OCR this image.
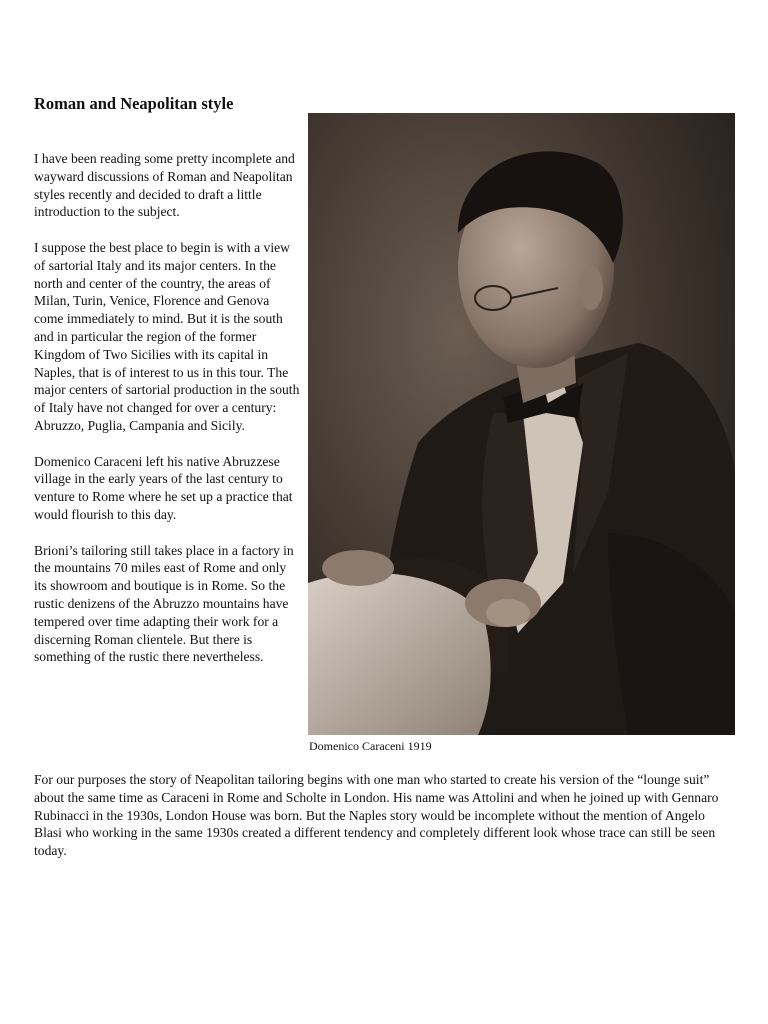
Roman and Neapolitan style

I have been reading some pretty incomplete and wayward discussions of Roman and Neapolitan styles recently and decided to draft a little introduction to the subject.

I suppose the best place to begin is with a view of sartorial Italy and its major centers. In the north and center of the country, the areas of Milan, Turin, Venice, Florence and Genova come immediately to mind. But it is the south and in particular the region of the former Kingdom of Two Sicilies with its capital in Naples, that is of interest to us in this tour. The major centers of sartorial production in the south of Italy have not changed for over a century: Abruzzo, Puglia, Campania and Sicily.

Domenico Caraceni left his native Abruzzese village in the early years of the last century to venture to Rome where he set up a practice that would flourish to this day.

Brioni’s tailoring still takes place in a factory in the mountains 70 miles east of Rome and only its showroom and boutique is in Rome. So the rustic denizens of the Abruzzo mountains have tempered over time adapting their work for a discerning Roman clientele. But there is something of the rustic there nevertheless.

Domenico Caraceni 1919

For our purposes the story of Neapolitan tailoring begins with one man who started to create his version of the “lounge suit” about the same time as Caraceni in Rome and Scholte in London. His name was Attolini and when he joined up with Gennaro Rubinacci in the 1930s, London House was born. But the Naples story would be incomplete without the mention of Angelo Blasi who working in the same 1930s created a different tendency and completely different look whose trace can still be seen today.
